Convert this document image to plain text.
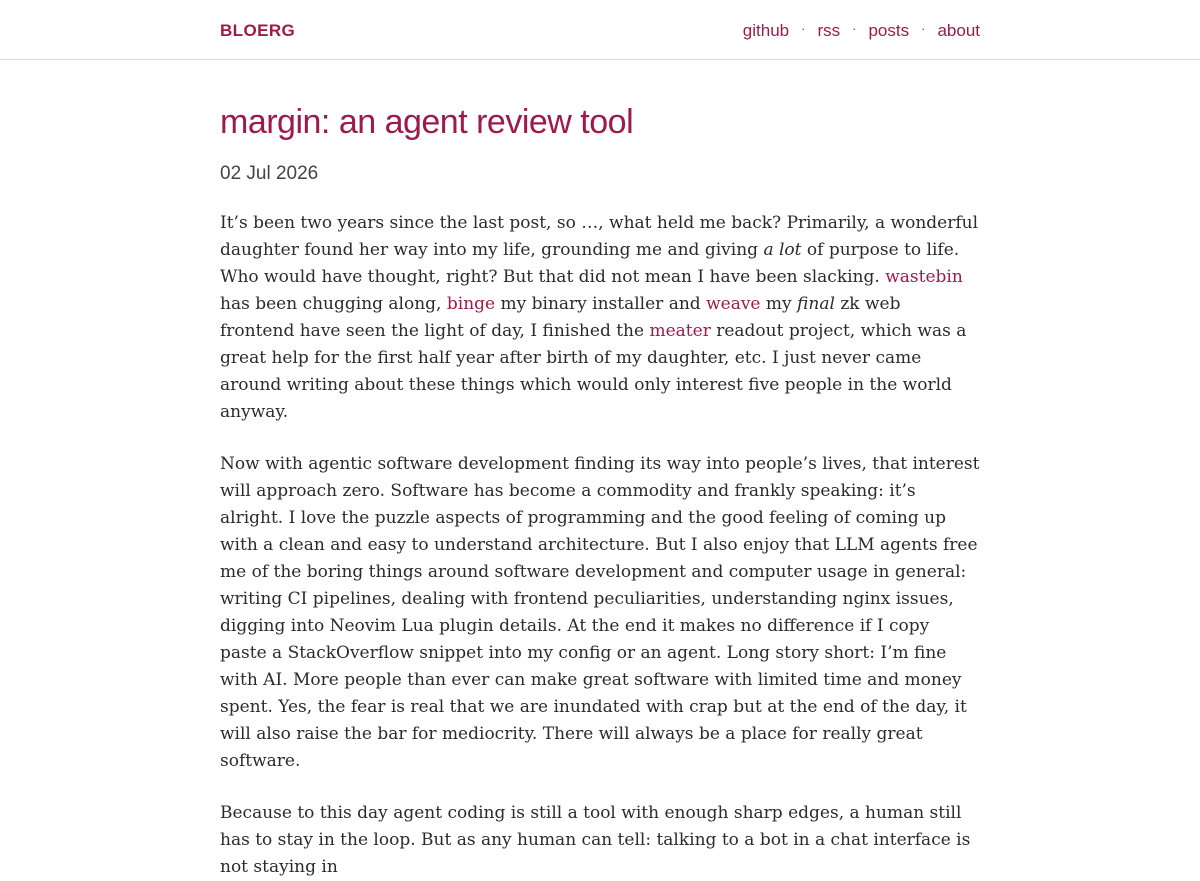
BLOERG	github · rss · posts · about
margin: an agent review tool
02 Jul 2026

It’s been two years since the last post, so …, what held me back? Primarily, a wonderful daughter found her way into my life, grounding me and giving a lot of purpose to life. Who would have thought, right? But that did not mean I have been slacking. wastebin has been chugging along, binge my binary installer and weave my final zk web frontend have seen the light of day, I finished the meater readout project, which was a great help for the first half year after birth of my daughter, etc. I just never came around writing about these things which would only interest five people in the world anyway.

Now with agentic software development finding its way into people’s lives, that interest will approach zero. Software has become a commodity and frankly speaking: it’s alright. I love the puzzle aspects of programming and the good feeling of coming up with a clean and easy to understand architecture. But I also enjoy that LLM agents free me of the boring things around software development and computer usage in general: writing CI pipelines, dealing with frontend peculiarities, understanding nginx issues, digging into Neovim Lua plugin details. At the end it makes no difference if I copy paste a StackOverflow snippet into my config or an agent. Long story short: I’m fine with AI. More people than ever can make great software with limited time and money spent. Yes, the fear is real that we are inundated with crap but at the end of the day, it will also raise the bar for mediocrity. There will always be a place for really great software.

Because to this day agent coding is still a tool with enough sharp edges, a human still has to stay in the loop. But as any human can tell: talking to a bot in a chat interface is not staying in
